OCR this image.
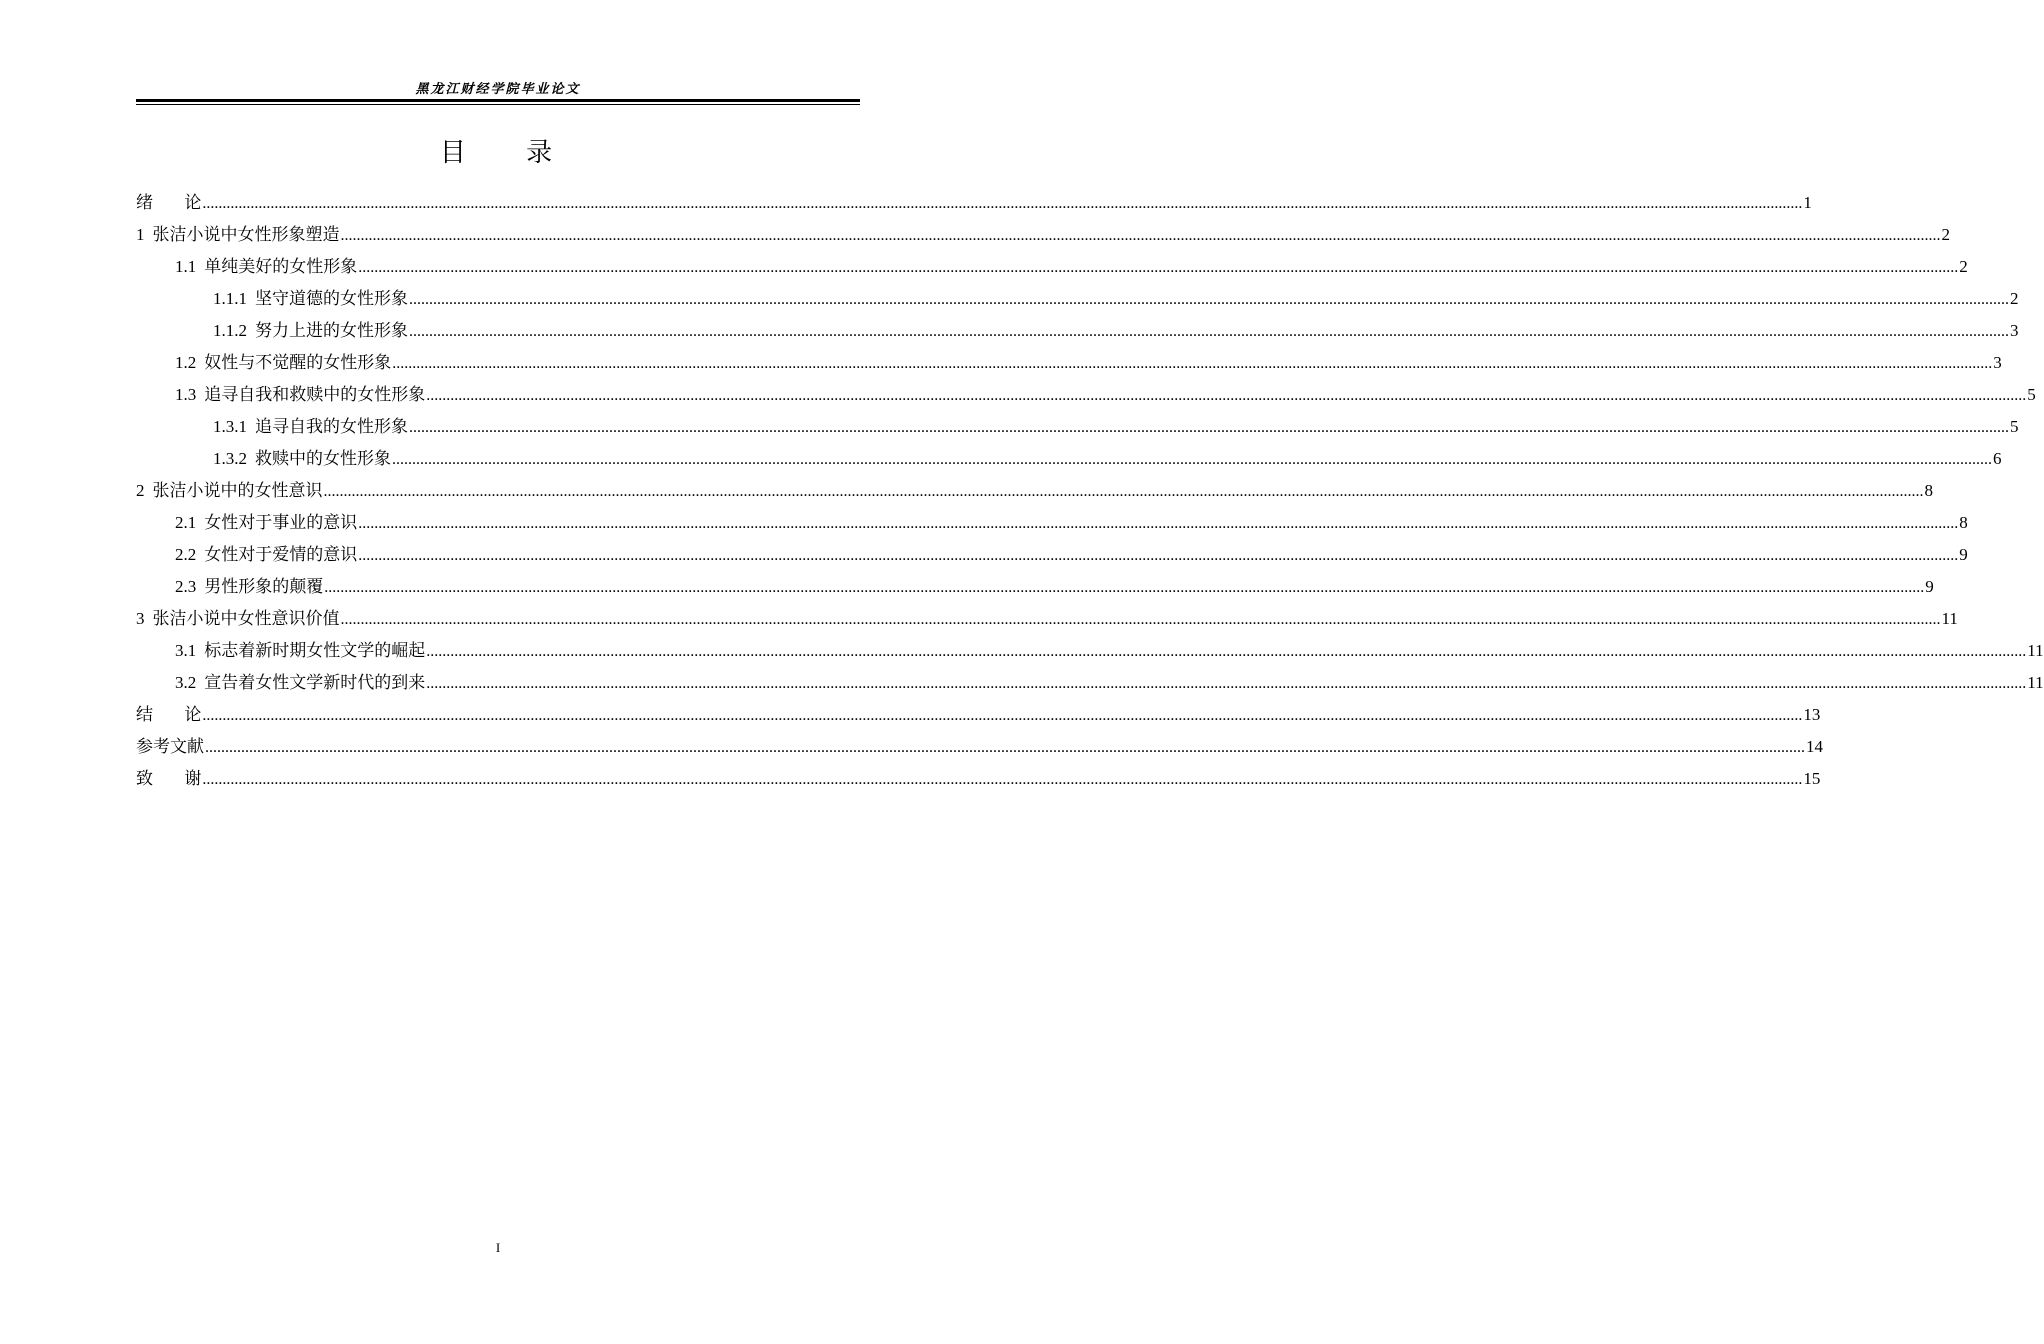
黑龙江财经学院毕业论文
目 录
绪 论 ................................................................................................................................................................................................................................................................................................................................................................................................................ 1
1 张洁小说中女性形象塑造 ................................................................................................................................................................................................................................................................................................................................................................................................................ 2
1.1 单纯美好的女性形象 ................................................................................................................................................................................................................................................................................................................................................................................................................ 2
1.1.1 坚守道德的女性形象 ................................................................................................................................................................................................................................................................................................................................................................................................................ 2
1.1.2 努力上进的女性形象 ................................................................................................................................................................................................................................................................................................................................................................................................................ 3
1.2 奴性与不觉醒的女性形象 ................................................................................................................................................................................................................................................................................................................................................................................................................ 3
1.3 追寻自我和救赎中的女性形象 ................................................................................................................................................................................................................................................................................................................................................................................................................ 5
1.3.1 追寻自我的女性形象 ................................................................................................................................................................................................................................................................................................................................................................................................................ 5
1.3.2 救赎中的女性形象 ................................................................................................................................................................................................................................................................................................................................................................................................................ 6
2 张洁小说中的女性意识 ................................................................................................................................................................................................................................................................................................................................................................................................................ 8
2.1 女性对于事业的意识 ................................................................................................................................................................................................................................................................................................................................................................................................................ 8
2.2 女性对于爱情的意识 ................................................................................................................................................................................................................................................................................................................................................................................................................ 9
2.3 男性形象的颠覆 ................................................................................................................................................................................................................................................................................................................................................................................................................ 9
3 张洁小说中女性意识价值 ................................................................................................................................................................................................................................................................................................................................................................................................................ 11
3.1 标志着新时期女性文学的崛起 ................................................................................................................................................................................................................................................................................................................................................................................................................ 11
3.2 宣告着女性文学新时代的到来 ................................................................................................................................................................................................................................................................................................................................................................................................................ 11
结 论 ................................................................................................................................................................................................................................................................................................................................................................................................................ 13
参考文献 ................................................................................................................................................................................................................................................................................................................................................................................................................ 14
致 谢 ................................................................................................................................................................................................................................................................................................................................................................................................................ 15
I
